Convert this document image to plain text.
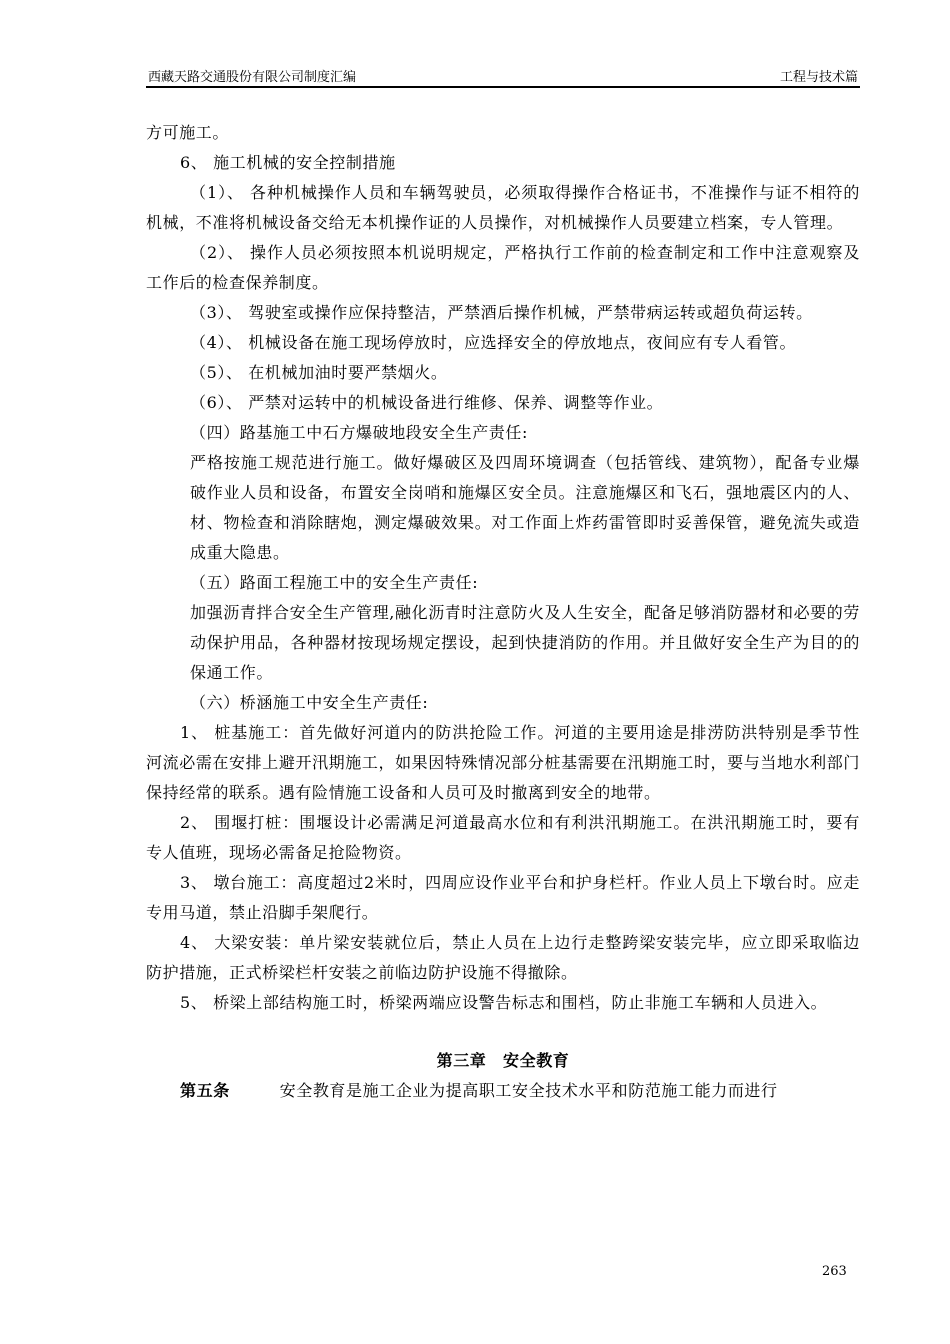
西藏天路交通股份有限公司制度汇编	工程与技术篇

方可施工。

6、 施工机械的安全控制措施

（1）、 各种机械操作人员和车辆驾驶员，必须取得操作合格证书，不准操作与证不相符的机械，不准将机械设备交给无本机操作证的人员操作，对机械操作人员要建立档案，专人管理。

（2）、 操作人员必须按照本机说明规定，严格执行工作前的检查制定和工作中注意观察及工作后的检查保养制度。

（3）、 驾驶室或操作应保持整洁，严禁酒后操作机械，严禁带病运转或超负荷运转。

（4）、 机械设备在施工现场停放时，应选择安全的停放地点，夜间应有专人看管。

（5）、 在机械加油时要严禁烟火。

（6）、 严禁对运转中的机械设备进行维修、保养、调整等作业。

（四）路基施工中石方爆破地段安全生产责任:

严格按施工规范进行施工。做好爆破区及四周环境调查（包括管线、建筑物），配备专业爆破作业人员和设备，布置安全岗哨和施爆区安全员。注意施爆区和飞石，强地震区内的人、材、物检查和消除瞎炮，测定爆破效果。对工作面上炸药雷管即时妥善保管，避免流失或造成重大隐患。

（五）路面工程施工中的安全生产责任:

加强沥青拌合安全生产管理,融化沥青时注意防火及人生安全，配备足够消防器材和必要的劳动保护用品，各种器材按现场规定摆设，起到快捷消防的作用。并且做好安全生产为目的的保通工作。

（六）桥涵施工中安全生产责任:

1、 桩基施工：首先做好河道内的防洪抢险工作。河道的主要用途是排涝防洪特别是季节性河流必需在安排上避开汛期施工，如果因特殊情况部分桩基需要在汛期施工时，要与当地水利部门保持经常的联系。遇有险情施工设备和人员可及时撤离到安全的地带。

2、 围堰打桩：围堰设计必需满足河道最高水位和有利洪汛期施工。在洪汛期施工时，要有专人值班，现场必需备足抢险物资。

3、 墩台施工：高度超过2米时，四周应设作业平台和护身栏杆。作业人员上下墩台时。应走专用马道，禁止沿脚手架爬行。

4、 大梁安装：单片梁安装就位后，禁止人员在上边行走整跨梁安装完毕，应立即采取临边防护措施，正式桥梁栏杆安装之前临边防护设施不得撤除。

5、 桥梁上部结构施工时，桥梁两端应设警告标志和围档，防止非施工车辆和人员进入。

第三章　安全教育

第五条　　　	安全教育是施工企业为提高职工安全技术水平和防范施工能力而进行

263
